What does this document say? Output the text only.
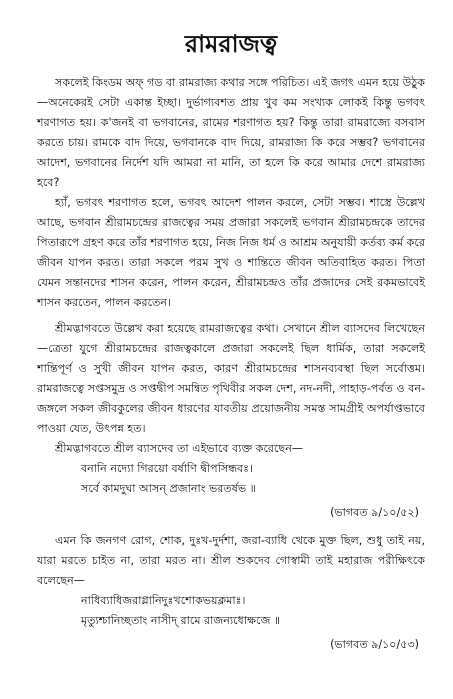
রামরাজত্ব

সকলেই কিংডম অফ্ গড বা রামরাজ্য কথার সঙ্গে পরিচিত। এই জগৎ এমন হয়ে উঠুক—অনেকেরই সেটা একান্ত ইচ্ছা। দুর্ভাগ্যবশত প্রায় খুব কম সংখ্যক লোকই কিন্তু ভগবৎ শরণাগত হয়। ক'জনই বা ভগবানের, রামের শরণাগত হয়? কিন্তু তারা রামরাজ্যে বসবাস করতে চায়। রামকে বাদ দিয়ে, ভগবানকে বাদ দিয়ে, রামরাজ্য কি করে সম্ভব? ভগবানের আদেশ, ভগবানের নির্দেশ যদি আমরা না মানি, তা হলে কি করে আমার দেশে রামরাজ্য হবে?

হ্যাঁ, ভগবৎ শরণাগত হলে, ভগবৎ আদেশ পালন করলে, সেটা সম্ভব। শাস্ত্রে উল্লেখ আছে, ভগবান শ্রীরামচন্দ্রের রাজত্বের সময় প্রজারা সকলেই ভগবান শ্রীরামচন্দ্রকে তাদের পিতারূপে গ্রহণ করে তাঁর শরণাগত হয়ে, নিজ নিজ ধর্ম ও আশ্রম অনুযায়ী কর্তব্য কর্ম করে জীবন যাপন করত। তারা সকলে পরম সুখ ও শান্তিতে জীবন অতিবাহিত করত। পিতা যেমন সন্তানদের শাসন করেন, পালন করেন, শ্রীরামচন্দ্রও তাঁর প্রজাদের সেই রকমভাবেই শাসন করতেন, পালন করতেন।

শ্রীমদ্ভাগবতে উল্লেখ করা হয়েছে রামরাজত্বের কথা। সেখানে শ্রীল ব্যাসদেব লিখেছেন—ত্রেতা যুগে শ্রীরামচন্দ্রের রাজত্বকালে প্রজারা সকলেই ছিল ধার্মিক, তারা সকলেই শান্তিপূর্ণ ও সুখী জীবন যাপন করত, কারণ শ্রীরামচন্দ্রের শাসনব্যবস্থা ছিল সর্বোত্তম। রামরাজত্বে সপ্তসমুদ্র ও সপ্তদ্বীপ সমন্বিত পৃথিবীর সকল দেশ, নদ-নদী, পাহাড়-পর্বত ও বন-জঙ্গলে সকল জীবকুলের জীবন ধারণের যাবতীয় প্রয়োজনীয় সমস্ত সামগ্রীই অপর্যাপ্তভাবে পাওয়া যেত, উৎপন্ন হত।

শ্রীমদ্ভাগবতে শ্রীল ব্যাসদেব তা এইভাবে ব্যক্ত করেছেন—

বনানি নদ্যো গিরয়ো বর্ষাণি দ্বীপসিন্ধবঃ।
সর্বে কামদুঘা আসন্ প্রজানাং ভরতর্ষভ ॥
(ভাগবত ৯/১০/৫২)

এমন কি জনগণ রোগ, শোক, দুঃখ-দুর্দশা, জরা-ব্যাধি থেকে মুক্ত ছিল, শুধু তাই নয়, যারা মরতে চাইত না, তারা মরত না। শ্রীল শুকদেব গোস্বামী তাই মহারাজ পরীক্ষিৎকে বলেছেন—

নাধিব্যাধিজরাগ্লানিদুঃখশোকভয়ক্লমাঃ।
মৃত্যুশ্চানিচ্ছতাং নাসীদ্ রামে রাজন্যধোক্ষজে ॥
(ভাগবত ৯/১০/৫৩)
